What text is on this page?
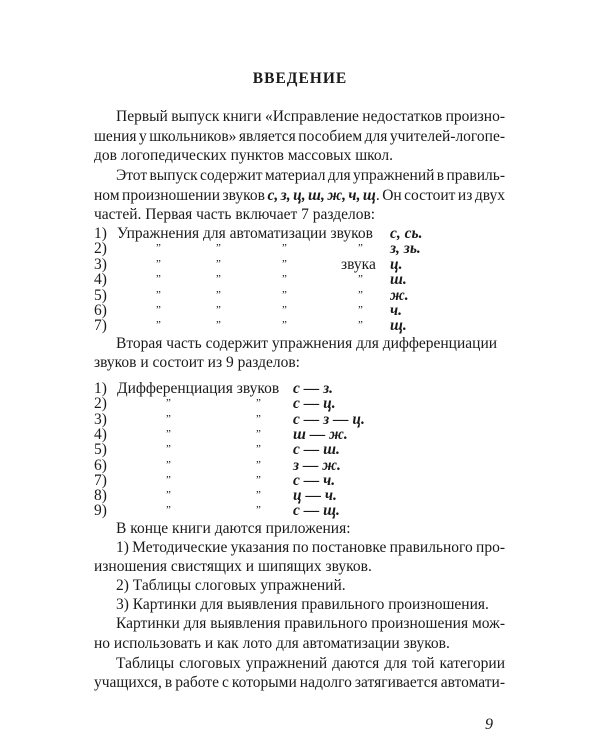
ВВЕДЕНИЕ
Первый выпуск книги «Исправление недостатков произно-
шения у школьников» является пособием для учителей-логопе-
дов логопедических пунктов массовых школ.
Этот выпуск содержит материал для упражнений в правиль-
ном произношении звуков с, з, ц, ш, ж, ч, щ. Он состоит из двух
частей. Первая часть включает 7 разделов:
1) Упражнения для автоматизации звуков с, сь.
2)	”	”	”	” з, зь.
3)	”	”	”	звука ц.
4)	”	”	”	” ш.
5)	”	”	”	” ж.
6)	”	”	”	” ч.
7)	”	”	”	” щ.
Вторая часть содержит упражнения для дифференциации
звуков и состоит из 9 разделов:
1) Дифференциация звуков с — з.
2)	”	” с — ц.
3)	”	” с — з — ц.
4)	”	” ш — ж.
5)	”	” с — ш.
6)	”	” з — ж.
7)	”	” с — ч.
8)	”	” ц — ч.
9)	”	” с — щ.
В конце книги даются приложения:
1) Методические указания по постановке правильного про-
изношения свистящих и шипящих звуков.
2) Таблицы слоговых упражнений.
3) Картинки для выявления правильного произношения.
Картинки для выявления правильного произношения мож-
но использовать и как лото для автоматизации звуков.
Таблицы слоговых упражнений даются для той категории
учащихся, в работе с которыми надолго затягивается автомати-
9
